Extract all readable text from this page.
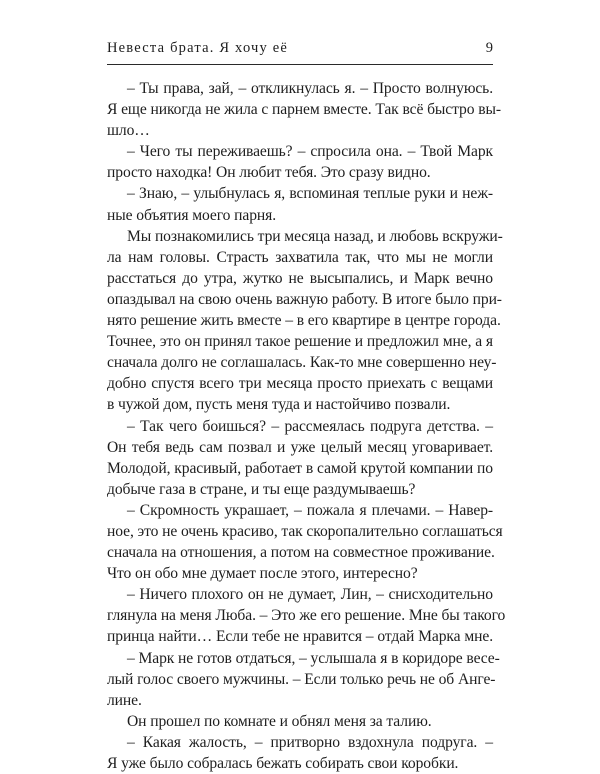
Невеста брата. Я хочу её	9
– Ты права, зай, – откликнулась я. – Просто волнуюсь.
Я еще никогда не жила с парнем вместе. Так всё быстро вы-
шло…
– Чего ты переживаешь? – спросила она. – Твой Марк
просто находка! Он любит тебя. Это сразу видно.
– Знаю, – улыбнулась я, вспоминая теплые руки и неж-
ные объятия моего парня.
Мы познакомились три месяца назад, и любовь вскружи-
ла нам головы. Страсть захватила так, что мы не могли
расстаться до утра, жутко не высыпались, и Марк вечно
опаздывал на свою очень важную работу. В итоге было при-
нято решение жить вместе – в его квартире в центре города.
Точнее, это он принял такое решение и предложил мне, а я
сначала долго не соглашалась. Как-то мне совершенно неу-
добно спустя всего три месяца просто приехать с вещами
в чужой дом, пусть меня туда и настойчиво позвали.
– Так чего боишься? – рассмеялась подруга детства. –
Он тебя ведь сам позвал и уже целый месяц уговаривает.
Молодой, красивый, работает в самой крутой компании по
добыче газа в стране, и ты еще раздумываешь?
– Скромность украшает, – пожала я плечами. – Навер-
ное, это не очень красиво, так скоропалительно соглашаться
сначала на отношения, а потом на совместное проживание.
Что он обо мне думает после этого, интересно?
– Ничего плохого он не думает, Лин, – снисходительно
глянула на меня Люба. – Это же его решение. Мне бы такого
принца найти… Если тебе не нравится – отдай Марка мне.
– Марк не готов отдаться, – услышала я в коридоре весе-
лый голос своего мужчины. – Если только речь не об Анге-
лине.
Он прошел по комнате и обнял меня за талию.
– Какая жалость, – притворно вздохнула подруга. –
Я уже было собралась бежать собирать свои коробки.
